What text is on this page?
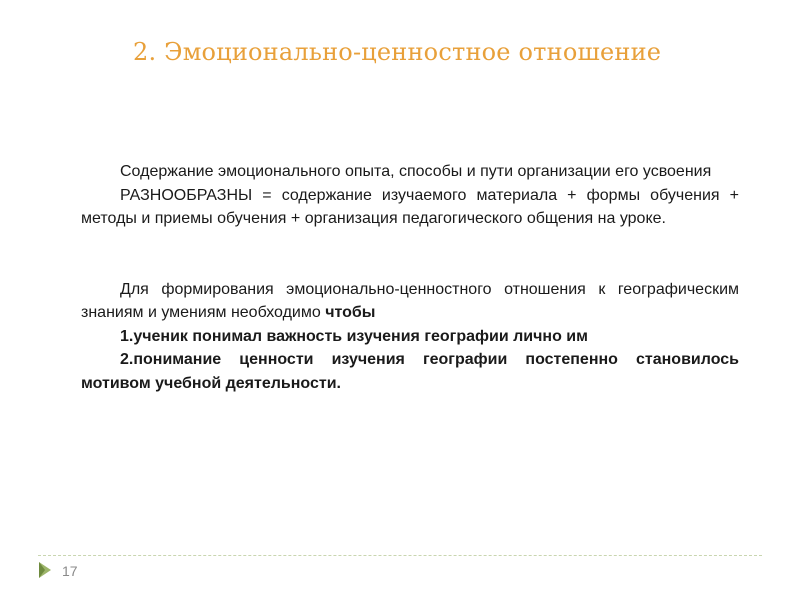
2. Эмоционально-ценностное отношение

Содержание эмоционального опыта, способы и пути организации его усвоения

РАЗНООБРАЗНЫ = содержание изучаемого материала + формы обучения + методы и приемы обучения + организация педагогического общения на уроке.

Для формирования эмоционально-ценностного отношения к географическим знаниям и умениям необходимо чтобы

1.ученик понимал важность изучения географии лично им

2.понимание ценности изучения географии постепенно становилось мотивом учебной деятельности.

17
